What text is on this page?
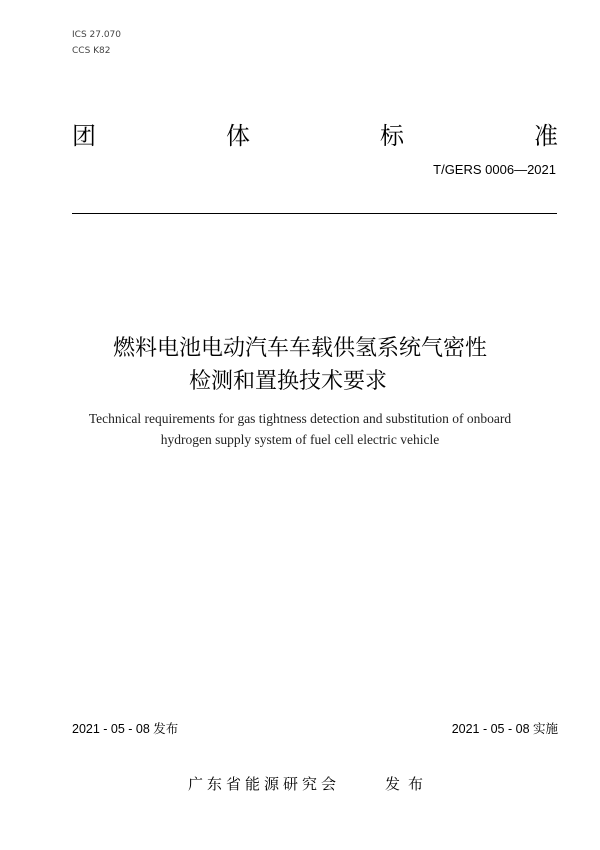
ICS 27.070
CCS K82
团	体	标	准
T/GERS 0006—2021
燃料电池电动汽车车载供氢系统气密性
检测和置换技术要求
Technical requirements for gas tightness detection and substitution of onboard
hydrogen supply system of fuel cell electric vehicle
2021 - 05 - 08 发布	2021 - 05 - 08 实施
广东省能源研究会	发布
